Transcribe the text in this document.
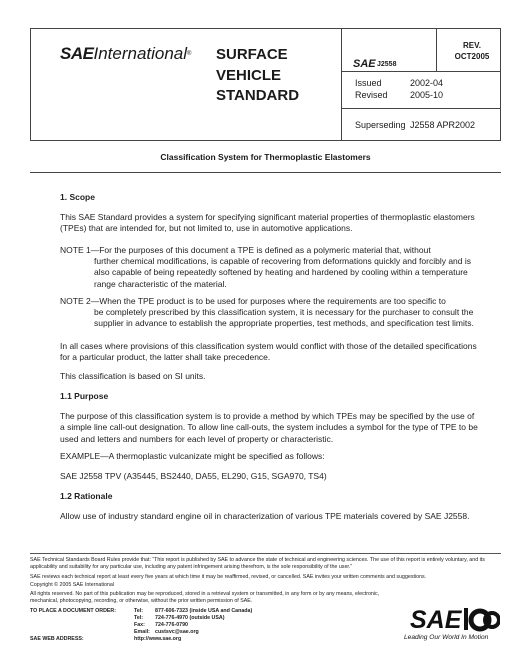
SAEInternational® SURFACE
VEHICLE
STANDARD
SAE J2558
REV.
OCT2005
Issued	2002-04
Revised 2005-10
Superseding J2558 APR2002
Classification System for Thermoplastic Elastomers
1. Scope
This SAE Standard provides a system for specifying significant material properties of thermoplastic elastomers (TPEs) that are intended for, but not limited to, use in automotive applications.
NOTE 1—For the purposes of this document a TPE is defined as a polymeric material that, without
further chemical modifications, is capable of recovering from deformations quickly and forcibly and is also capable of being repeatedly softened by heating and hardened by cooling within a temperature range characteristic of the material.
NOTE 2—When the TPE product is to be used for purposes where the requirements are too specific to
be completely prescribed by this classification system, it is necessary for the purchaser to consult the supplier in advance to establish the appropriate properties, test methods, and specification test limits.
In all cases where provisions of this classification system would conflict with those of the detailed specifications for a particular product, the latter shall take precedence.
This classification is based on SI units.
1.1 Purpose
The purpose of this classification system is to provide a method by which TPEs may be specified by the use of a simple line call-out designation. To allow line call-outs, the system includes a symbol for the type of TPE to be used and letters and numbers for each level of property or characteristic.
EXAMPLE—A thermoplastic vulcanizate might be specified as follows:
SAE J2558 TPV (A35445, BS2440, DA55, EL290, G15, SGA970, TS4)
1.2 Rationale
Allow use of industry standard engine oil in characterization of various TPE materials covered by SAE J2558.
SAE Technical Standards Board Rules provide that: “This report is published by SAE to advance the state of technical and engineering sciences. The use of this report is entirely voluntary, and its applicability and suitability for any particular use, including any patent infringement arising therefrom, is the sole responsibility of the user.”
SAE reviews each technical report at least every five years at which time it may be reaffirmed, revised, or cancelled. SAE invites your written comments and suggestions.
Copyright © 2005 SAE International
All rights reserved. No part of this publication may be reproduced, stored in a retrieval system or transmitted, in any form or by any means, electronic, mechanical, photocopying, recording, or otherwise, without the prior written permission of SAE.
TO PLACE A DOCUMENT ORDER:	Tel:	877-606-7323 (inside USA and Canada)
Tel:	724-776-4970 (outside USA)
Fax:	724-776-0790
Email: custsvc@sae.org
SAE WEB ADDRESS:	http://www.sae.org
SAE
Leading Our World In Motion
